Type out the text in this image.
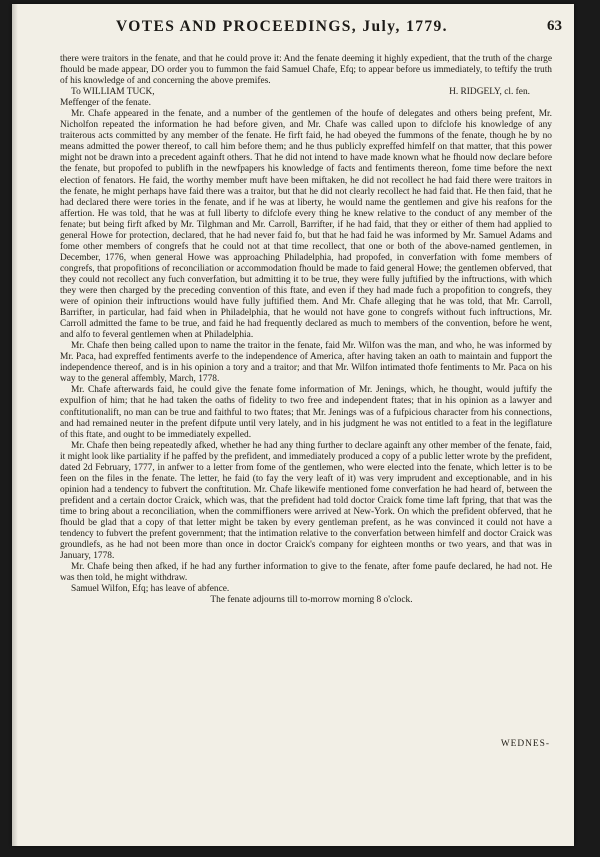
VOTES AND PROCEEDINGS, July, 1779.	63

there were traitors in the fenate, and that he could prove it: And the fenate deeming it highly expedient, that the truth of the charge fhould be made appear, DO order you to fummon the faid Samuel Chafe, Efq; to appear before us immediately, to teftify the truth of his knowledge of and concerning the above premifes.

To WILLIAM TUCK,	H. RIDGELY, cl. fen.

Meffenger of the fenate.

Mr. Chafe appeared in the fenate, and a number of the gentlemen of the houfe of delegates and others being prefent, Mr. Nicholfon repeated the information he had before given, and Mr. Chafe was called upon to difclofe his knowledge of any traiterous acts committed by any member of the fenate. He firft faid, he had obeyed the fummons of the fenate, though he by no means admitted the power thereof, to call him before them; and he thus publicly expreffed himfelf on that matter, that this power might not be drawn into a precedent againft others. That he did not intend to have made known what he fhould now declare before the fenate, but propofed to publifh in the newfpapers his knowledge of facts and fentiments thereon, fome time before the next election of fenators. He faid, the worthy member muft have been miftaken, he did not recollect he had faid there were traitors in the fenate, he might perhaps have faid there was a traitor, but that he did not clearly recollect he had faid that. He then faid, that he had declared there were tories in the fenate, and if he was at liberty, he would name the gentlemen and give his reafons for the affertion. He was told, that he was at full liberty to difclofe every thing he knew relative to the conduct of any member of the fenate; but being firft afked by Mr. Tilghman and Mr. Carroll, Barrifter, if he had faid, that they or either of them had applied to general Howe for protection, declared, that he had never faid fo, but that he had faid he was informed by Mr. Samuel Adams and fome other members of congrefs that he could not at that time recollect, that one or both of the above-named gentlemen, in December, 1776, when general Howe was approaching Philadelphia, had propofed, in converfation with fome members of congrefs, that propofitions of reconciliation or accommodation fhould be made to faid general Howe; the gentlemen obferved, that they could not recollect any fuch converfation, but admitting it to be true, they were fully juftified by the inftructions, with which they were then charged by the preceding convention of this ftate, and even if they had made fuch a propofition to congrefs, they were of opinion their inftructions would have fully juftified them. And Mr. Chafe alleging that he was told, that Mr. Carroll, Barrifter, in particular, had faid when in Philadelphia, that he would not have gone to congrefs without fuch inftructions, Mr. Carroll admitted the fame to be true, and faid he had frequently declared as much to members of the convention, before he went, and alfo to feveral gentlemen when at Philadelphia.

Mr. Chafe then being called upon to name the traitor in the fenate, faid Mr. Wilfon was the man, and who, he was informed by Mr. Paca, had expreffed fentiments averfe to the independence of America, after having taken an oath to maintain and fupport the independence thereof, and is in his opinion a tory and a traitor; and that Mr. Wilfon intimated thofe fentiments to Mr. Paca on his way to the general affembly, March, 1778.

Mr. Chafe afterwards faid, he could give the fenate fome information of Mr. Jenings, which, he thought, would juftify the expulfion of him; that he had taken the oaths of fidelity to two free and independent ftates; that in his opinion as a lawyer and conftitutionalift, no man can be true and faithful to two ftates; that Mr. Jenings was of a fufpicious character from his connections, and had remained neuter in the prefent difpute until very lately, and in his judgment he was not entitled to a feat in the legiflature of this ftate, and ought to be immediately expelled.

Mr. Chafe then being repeatedly afked, whether he had any thing further to declare againft any other member of the fenate, faid, it might look like partiality if he paffed by the prefident, and immediately produced a copy of a public letter wrote by the prefident, dated 2d February, 1777, in anfwer to a letter from fome of the gentlemen, who were elected into the fenate, which letter is to be feen on the files in the fenate. The letter, he faid (to fay the very leaft of it) was very imprudent and exceptionable, and in his opinion had a tendency to fubvert the conftitution. Mr. Chafe likewife mentioned fome converfation he had heard of, between the prefident and a certain doctor Craick, which was, that the prefident had told doctor Craick fome time laft fpring, that that was the time to bring about a reconciliation, when the commiffioners were arrived at New-York. On which the prefident obferved, that he fhould be glad that a copy of that letter might be taken by every gentleman prefent, as he was convinced it could not have a tendency to fubvert the prefent government; that the intimation relative to the converfation between himfelf and doctor Craick was groundlefs, as he had not been more than once in doctor Craick's company for eighteen months or two years, and that was in January, 1778.

Mr. Chafe being then afked, if he had any further information to give to the fenate, after fome paufe declared, he had not. He was then told, he might withdraw.

Samuel Wilfon, Efq; has leave of abfence.

The fenate adjourns till to-morrow morning 8 o'clock.

WEDNES-
